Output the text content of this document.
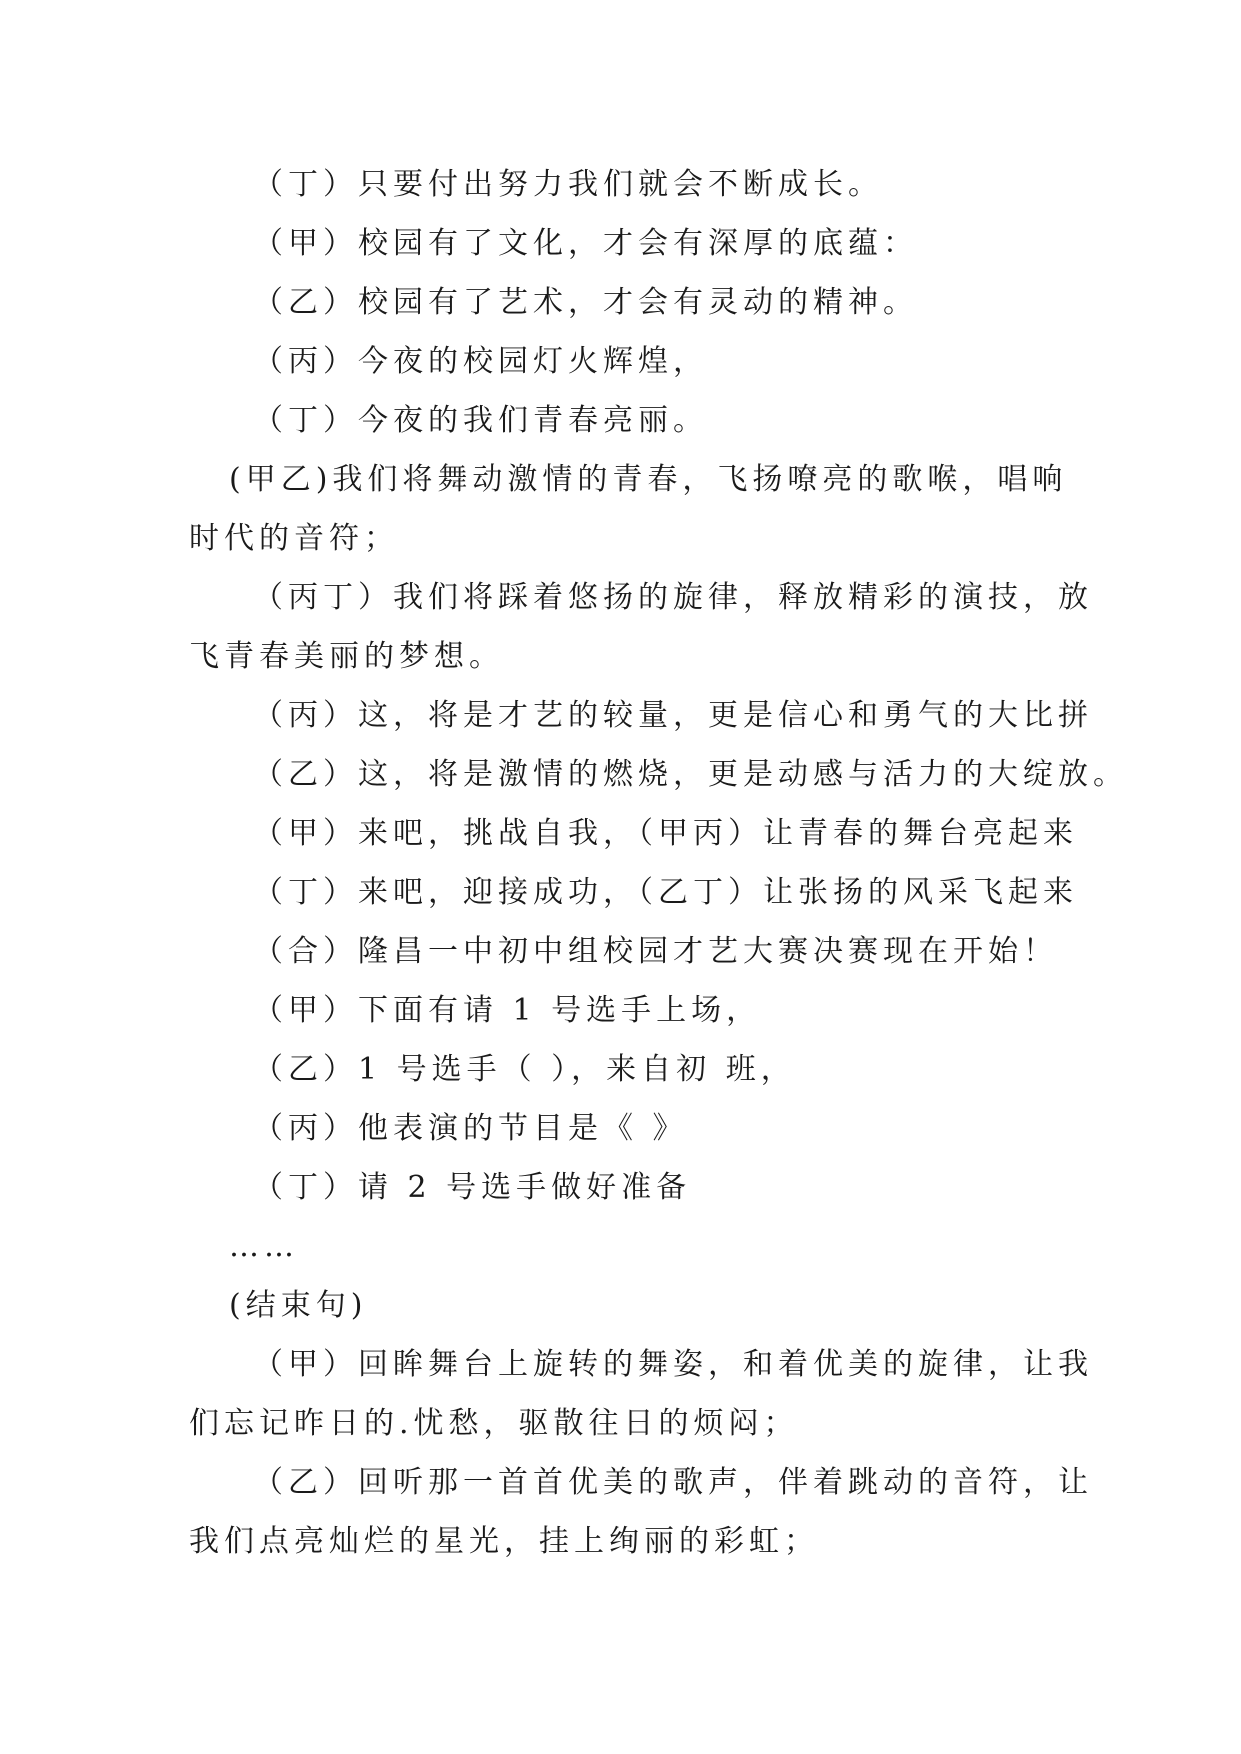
（丁）只要付出努力我们就会不断成长。

（甲）校园有了文化，才会有深厚的底蕴：

（乙）校园有了艺术，才会有灵动的精神。

（丙）今夜的校园灯火辉煌，

（丁）今夜的我们青春亮丽。

(甲乙)我们将舞动激情的青春，飞扬嘹亮的歌喉，唱响

时代的音符；

（丙丁）我们将踩着悠扬的旋律，释放精彩的演技，放

飞青春美丽的梦想。

（丙）这，将是才艺的较量，更是信心和勇气的大比拼

（乙）这，将是激情的燃烧，更是动感与活力的大绽放。

（甲）来吧，挑战自我，（甲丙）让青春的舞台亮起来

（丁）来吧，迎接成功，（乙丁）让张扬的风采飞起来

（合）隆昌一中初中组校园才艺大赛决赛现在开始！

（甲）下面有请 1 号选手上场，

（乙）1 号选手（ ），来自初 班，

（丙）他表演的节目是《 》

（丁）请 2 号选手做好准备

……

(结束句)

（甲）回眸舞台上旋转的舞姿，和着优美的旋律，让我

们忘记昨日的.忧愁，驱散往日的烦闷；

（乙）回听那一首首优美的歌声，伴着跳动的音符，让

我们点亮灿烂的星光，挂上绚丽的彩虹；
